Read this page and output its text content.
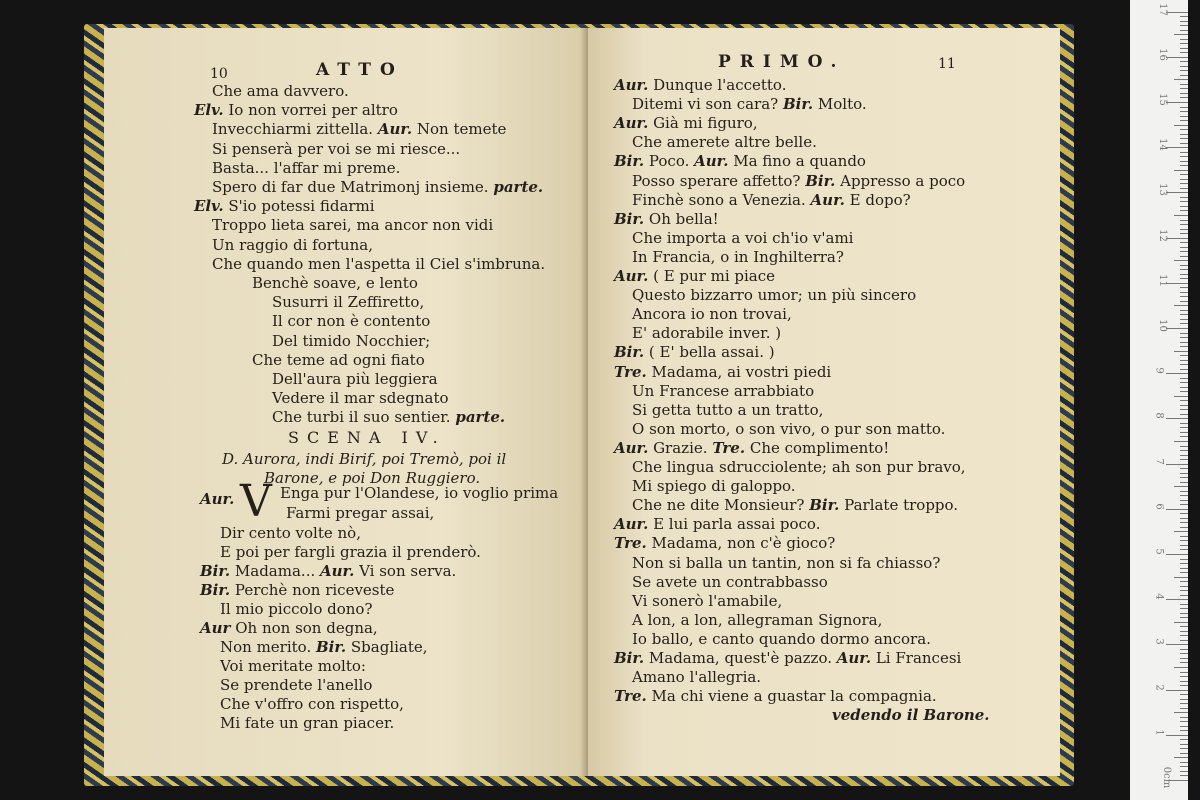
10	ATTO
Che ama davvero.
Elv. Io non vorrei per altro
Invecchiarmi zittella. Aur. Non temete
Si penserà per voi se mi riesce...
Basta... l'affar mi preme.
Spero di far due Matrimonj insieme. parte.
Elv. S'io potessi fidarmi
Troppo lieta sarei, ma ancor non vidi
Un raggio di fortuna,
Che quando men l'aspetta il Ciel s'imbruna.
Benchè soave, e lento
Susurri il Zeffiretto,
Il cor non è contento
Del timido Nocchier;
Che teme ad ogni fiato
Dell'aura più leggiera
Vedere il mar sdegnato
Che turbi il suo sentier. parte.
SCENA IV.
D. Aurora, indi Birif, poi Tremò, poi il
Barone, e poi Don Ruggiero.
Aur. V Enga pur l'Olandese, io voglio prima
Farmi pregar assai,
Dir cento volte nò,
E poi per fargli grazia il prenderò.
Bir. Madama... Aur. Vi son serva.
Bir. Perchè non riceveste
Il mio piccolo dono?
Aur Oh non son degna,
Non merito. Bir. Sbagliate,
Voi meritate molto:
Se prendete l'anello
Che v'offro con rispetto,
Mi fate un gran piacer.
PRIMO.	11
Aur. Dunque l'accetto.
Ditemi vi son cara? Bir. Molto.
Aur. Già mi figuro,
Che amerete altre belle.
Bir. Poco. Aur. Ma fino a quando
Posso sperare affetto? Bir. Appresso a poco
Finchè sono a Venezia. Aur. E dopo?
Bir. Oh bella!
Che importa a voi ch'io v'ami
In Francia, o in Inghilterra?
Aur. ( E pur mi piace
Questo bizzarro umor; un più sincero
Ancora io non trovai,
E' adorabile inver. )
Bir. ( E' bella assai. )
Tre. Madama, ai vostri piedi
Un Francese arrabbiato
Si getta tutto a un tratto,
O son morto, o son vivo, o pur son matto.
Aur. Grazie. Tre. Che complimento!
Che lingua sdrucciolente; ah son pur bravo,
Mi spiego di galoppo.
Che ne dite Monsieur? Bir. Parlate troppo.
Aur. E lui parla assai poco.
Tre. Madama, non c'è gioco?
Non si balla un tantin, non si fa chiasso?
Se avete un contrabbasso
Vi sonerò l'amabile,
A lon, a lon, allegraman Signora,
Io ballo, e canto quando dormo ancora.
Bir. Madama, quest'è pazzo. Aur. Li Francesi
Amano l'allegria.
Tre. Ma chi viene a guastar la compagnia.
vedendo il Barone.
0cm
1
2
3
4
5
6
7
8
9
10
11
12
13
14
15
16
17
